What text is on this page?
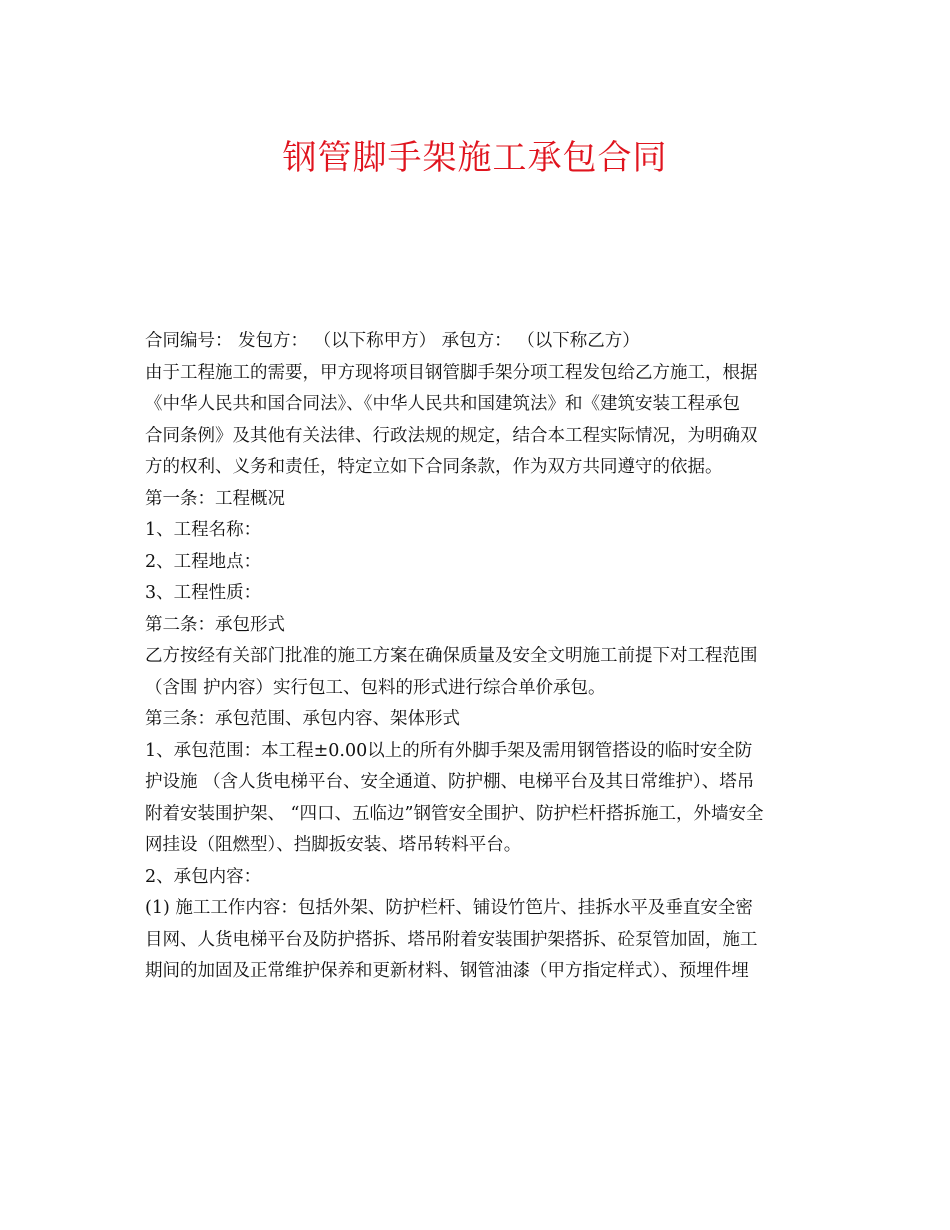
钢管脚手架施工承包合同

合同编号： 发包方： （以下称甲方） 承包方： （以下称乙方）

由于工程施工的需要，甲方现将项目钢管脚手架分项工程发包给乙方施工，根据

《中华人民共和国合同法》、《中华人民共和国建筑法》和《建筑安装工程承包

合同条例》及其他有关法律、行政法规的规定，结合本工程实际情况，为明确双

方的权利、义务和责任，特定立如下合同条款，作为双方共同遵守的依据。

第一条：工程概况

1、工程名称：

2、工程地点：

3、工程性质：

第二条：承包形式

乙方按经有关部门批准的施工方案在确保质量及安全文明施工前提下对工程范围

（含围 护内容）实行包工、包料的形式进行综合单价承包。

第三条：承包范围、承包内容、架体形式

1、承包范围：本工程±0.00以上的所有外脚手架及需用钢管搭设的临时安全防

护设施 （含人货电梯平台、安全通道、防护棚、电梯平台及其日常维护）、塔吊

附着安装围护架、 “四口、五临边”钢管安全围护、防护栏杆搭拆施工，外墙安全

网挂设（阻燃型）、挡脚扳安装、塔吊转料平台。

2、承包内容：

(1) 施工工作内容：包括外架、防护栏杆、铺设竹笆片、挂拆水平及垂直安全密

目网、人货电梯平台及防护搭拆、塔吊附着安装围护架搭拆、砼泵管加固，施工

期间的加固及正常维护保养和更新材料、钢管油漆（甲方指定样式）、预埋件埋
